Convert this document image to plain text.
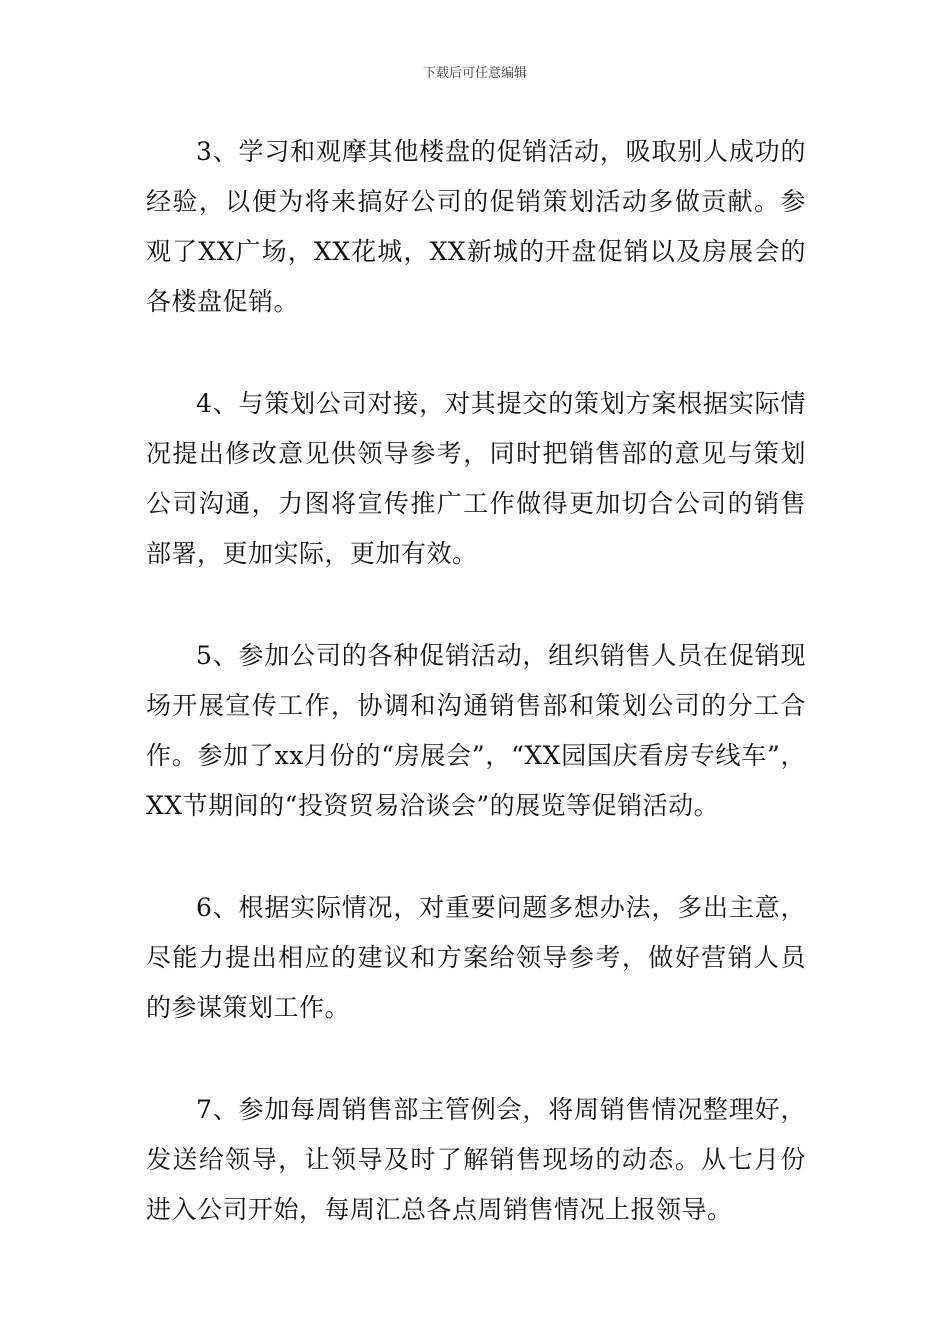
下载后可任意编辑

3、学习和观摩其他楼盘的促销活动，吸取别人成功的经验，以便为将来搞好公司的促销策划活动多做贡献。参观了XX广场，XX花城，XX新城的开盘促销以及房展会的各楼盘促销。

4、与策划公司对接，对其提交的策划方案根据实际情况提出修改意见供领导参考，同时把销售部的意见与策划公司沟通，力图将宣传推广工作做得更加切合公司的销售部署，更加实际，更加有效。

5、参加公司的各种促销活动，组织销售人员在促销现场开展宣传工作，协调和沟通销售部和策划公司的分工合作。参加了xx月份的“房展会”，“XX园国庆看房专线车”，XX节期间的“投资贸易洽谈会”的展览等促销活动。

6、根据实际情况，对重要问题多想办法，多出主意，尽能力提出相应的建议和方案给领导参考，做好营销人员的参谋策划工作。

7、参加每周销售部主管例会，将周销售情况整理好，发送给领导，让领导及时了解销售现场的动态。从七月份进入公司开始，每周汇总各点周销售情况上报领导。
